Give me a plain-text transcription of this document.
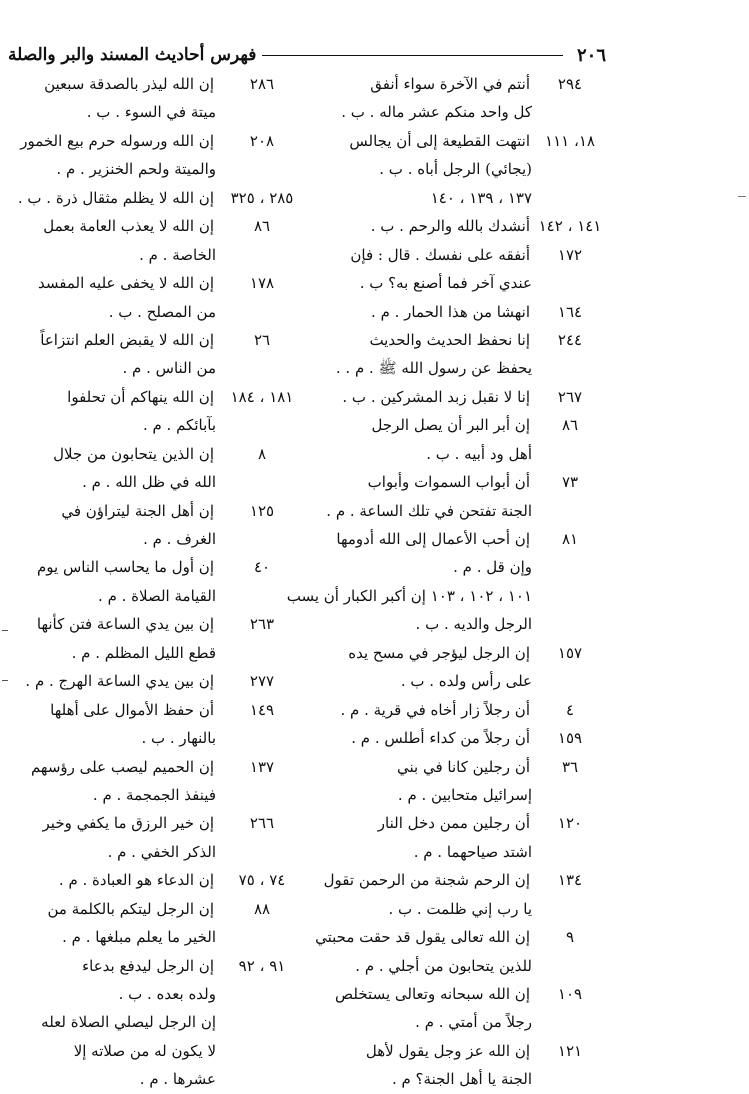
٢٠٦
فهرس أحاديث المسند والبر والصلة
٢٩٤
أنتم في الآخرة سواء أنفق
كل واحد منكم عشر ماله . ب .
١٨، ١١١
انتهت القطيعة إلى أن يجالس
(يجائي) الرجل أباه . ب .
١٣٧ ، ١٣٩ ، ١٤٠
١٤١ ، ١٤٢
أنشدك بالله والرحم . ب .
١٧٢
أنفقه على نفسك . قال : فإن
عندي آخر فما أصنع به؟ ب .
١٦٤
انهشا من هذا الحمار . م .
٢٤٤
إنا نحفظ الحديث والحديث
يحفظ عن رسول الله ﷺ . م . .
٢٦٧
إنا لا نقبل زبد المشركين . ب .
٨٦
إن أبر البر أن يصل الرجل
أهل ود أبيه . ب .
٧٣
أن أبواب السموات وأبواب
الجنة تفتحن في تلك الساعة . م .
٨١
إن أحب الأعمال إلى الله أدومها
وإن قل . م .
١٠١ ، ١٠٢ ، ١٠٣ إن أكبر الكبار أن يسب
الرجل والديه . ب .
١٥٧
إن الرجل ليؤجر في مسح يده
على رأس ولده . ب .
٤
أن رجلاً زار أخاه في قرية . م .
١٥٩
أن رجلاً من كداء أطلس . م .
٣٦
أن رجلين كانا في بني
إسرائيل متحابين . م .
١٢٠
أن رجلين ممن دخل النار
اشتد صياحهما . م .
١٣٤
إن الرحم شجنة من الرحمن تقول
يا رب إني ظلمت . ب .
٩
إن الله تعالى يقول قد حقت محبتي
للذين يتحابون من أجلي . م .
١٠٩
إن الله سبحانه وتعالى يستخلص
رجلاً من أمتي . م .
١٢١
إن الله عز وجل يقول لأهل
الجنة يا أهل الجنة؟ م .
٢٨٦
إن الله ليذر بالصدقة سبعين
ميتة في السوء . ب .
٢٠٨
إن الله ورسوله حرم بيع الخمور
والميتة ولحم الخنزير . م .
٢٨٥ ، ٣٢٥
إن الله لا يظلم مثقال ذرة . ب .
٨٦
إن الله لا يعذب العامة بعمل
الخاصة . م .
١٧٨
إن الله لا يخفى عليه المفسد
من المصلح . ب .
٢٦
إن الله لا يقبض العلم انتزاعاً
من الناس . م .
١٨١ ، ١٨٤
إن الله ينهاكم أن تحلفوا
بآبائكم . م .
٨
إن الذين يتحابون من جلال
الله في ظل الله . م .
١٢٥
إن أهل الجنة ليتراؤن في
الغرف . م .
٤٠
إن أول ما يحاسب الناس يوم
القيامة الصلاة . م .
٢٦٣
إن بين يدي الساعة فتن كأنها
قطع الليل المظلم . م .
٢٧٧
إن بين يدي الساعة الهرج . م .
١٤٩
أن حفظ الأموال على أهلها
بالنهار . ب .
١٣٧
إن الحميم ليصب على رؤسهم
فينفذ الجمجمة . م .
٢٦٦
إن خير الرزق ما يكفي وخير
الذكر الخفي . م .
٧٤ ، ٧٥
إن الدعاء هو العبادة . م .
٨٨
إن الرجل ليتكم بالكلمة من
الخير ما يعلم مبلغها . م .
٩١ ، ٩٢
إن الرجل ليدفع بدعاء
ولده بعده . ب .
إن الرجل ليصلي الصلاة لعله
لا يكون له من صلاته إلا
عشرها . م .
